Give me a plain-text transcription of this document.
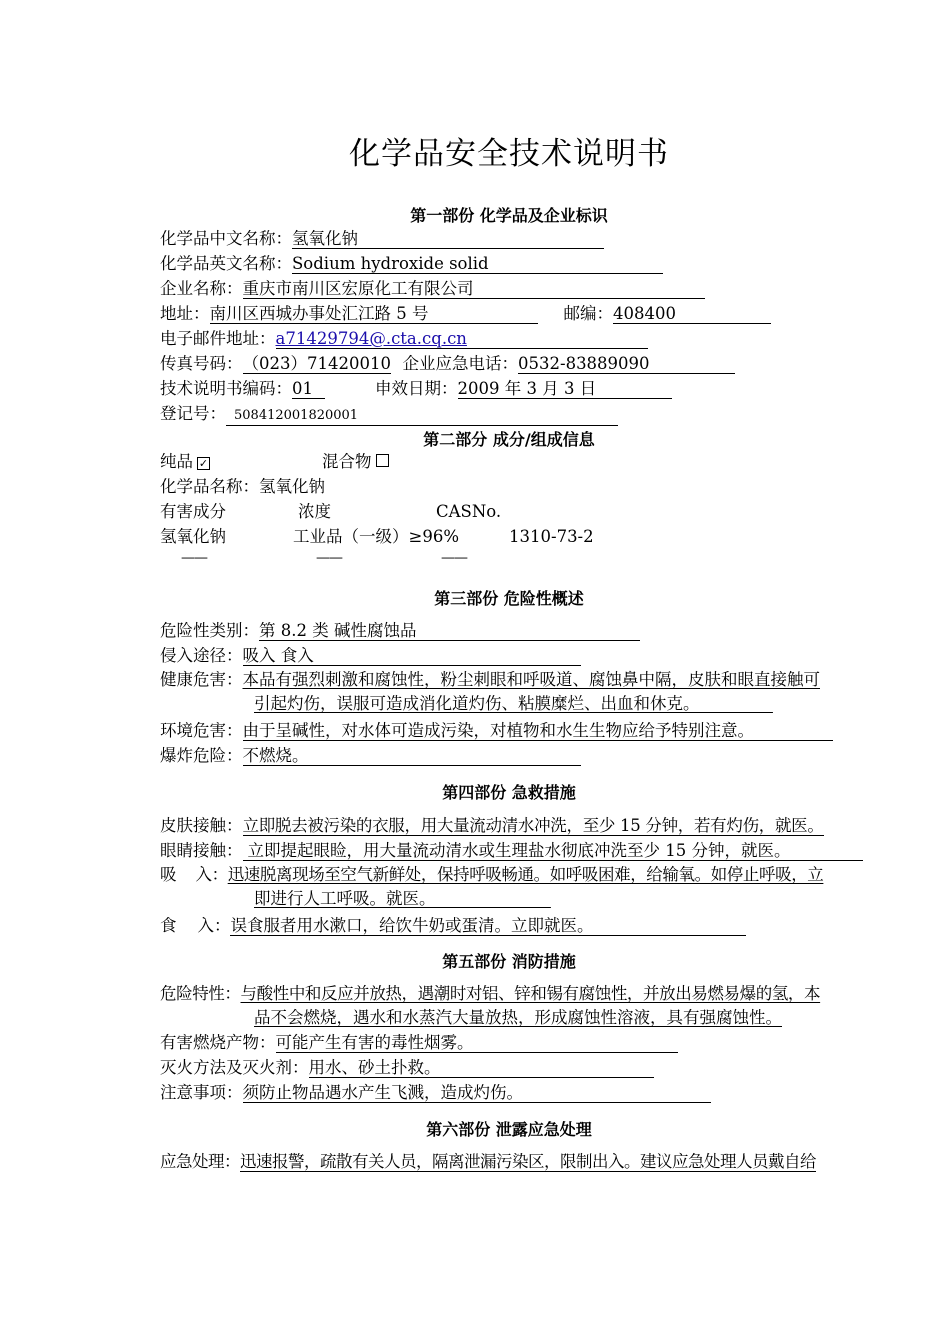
化学品安全技术说明书
第一部份 化学品及企业标识
化学品中文名称：氢氧化钠
化学品英文名称：Sodium hydroxide solid
企业名称：重庆市南川区宏原化工有限公司
地址：南川区西城办事处汇江路 5 号	邮编：408400
电子邮件地址：a71429794@.cta.cq.cn
传真号码：（023）71420010 企业应急电话：0532-83889090
技术说明书编码：01	申效日期：2009 年 3 月 3 日
登记号： 508412001820001
第二部分 成分/组成信息
纯品 ✓	混合物
化学品名称：氢氧化钠
有害成分	浓度	CASNo.
氢氧化钠	工业品（一级）≥96%	1310-73-2
——	——	——
第三部份 危险性概述
危险性类别：第 8.2 类 碱性腐蚀品
侵入途径：吸入 食入
健康危害：本品有强烈刺激和腐蚀性，粉尘刺眼和呼吸道、腐蚀鼻中隔，皮肤和眼直接触可
引起灼伤，误服可造成消化道灼伤、粘膜糜烂、出血和休克。
环境危害：由于呈碱性，对水体可造成污染，对植物和水生生物应给予特别注意。
爆炸危险：不燃烧。
第四部份 急救措施
皮肤接触：立即脱去被污染的衣服，用大量流动清水冲洗，至少 15 分钟，若有灼伤，就医。
眼睛接触： 立即提起眼睑，用大量流动清水或生理盐水彻底冲洗至少 15 分钟，就医。
吸    入：迅速脱离现场至空气新鲜处，保持呼吸畅通。如呼吸困难，给输氧。如停止呼吸，立
即进行人工呼吸。就医。
食    入：误食服者用水漱口，给饮牛奶或蛋清。立即就医。
第五部份 消防措施
危险特性：与酸性中和反应并放热，遇潮时对铝、锌和锡有腐蚀性，并放出易燃易爆的氢，本
品不会燃烧，遇水和水蒸汽大量放热，形成腐蚀性溶液，具有强腐蚀性。
有害燃烧产物：可能产生有害的毒性烟雾。
灭火方法及灭火剂：用水、砂土扑救。
注意事项：须防止物品遇水产生飞溅，造成灼伤。
第六部份 泄露应急处理
应急处理：迅速报警，疏散有关人员，隔离泄漏污染区，限制出入。建议应急处理人员戴自给
